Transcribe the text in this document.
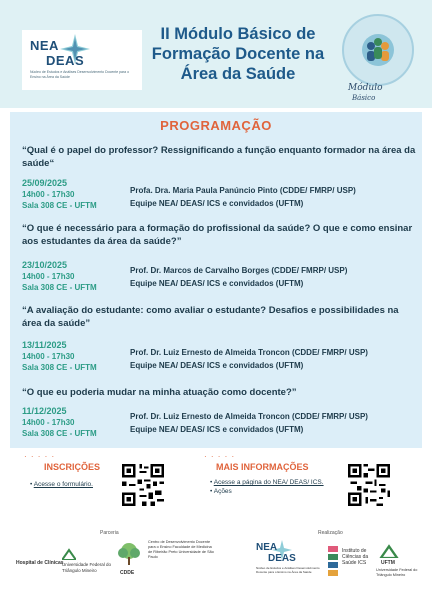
NEA
DEAS
Núcleo de Estudos e Análises Desenvolvimento Docente para o Ensino na Área da Saúde
II Módulo Básico de Formação Docente na Área da Saúde
Módulo
Básico
PROGRAMAÇÃO
“Qual é o papel do professor? Ressignificando a função enquanto formador na área da saúde“
25/09/2025
14h00 - 17h30
Sala 308 CE - UFTM
Profa. Dra. Maria Paula Panúncio Pinto (CDDE/ FMRP/ USP)
Equipe NEA/ DEAS/ ICS e convidados (UFTM)
“O que é necessário para a formação do profissional da saúde? O que e como ensinar aos estudantes da área da saúde?”
23/10/2025
14h00 - 17h30
Sala 308 CE - UFTM
Prof. Dr. Marcos de Carvalho Borges (CDDE/ FMRP/ USP)
Equipe NEA/ DEAS/ ICS e convidados (UFTM)
“A avaliação do estudante: como avaliar o estudante? Desafios e possibilidades na área da saúde”
13/11/2025
14h00 - 17h30
Sala 308 CE - UFTM
Prof. Dr. Luiz Ernesto de Almeida Troncon (CDDE/ FMRP/ USP)
Equipe NEA/ DEAS/ ICS e convidados (UFTM)
“O que eu poderia mudar na minha atuação como docente?”
11/12/2025
14h00 - 17h30
Sala 308 CE - UFTM
Prof. Dr. Luiz Ernesto de Almeida Troncon (CDDE/ FMRP/ USP)
Equipe NEA/ DEAS/ ICS e convidados (UFTM)
· · · · ·
INSCRIÇÕES
• Acesse o formulário.
· · · · ·
MAIS INFORMAÇÕES
• Acesse a página do NEA/ DEAS/ ICS.
• Ações
Parceria	Realização
Hospital de Clínicas
Universidade Federal do Triângulo Mineiro	CDDE
Centro de Desenvolvimento Docente para o Ensino Faculdade de Medicina de Ribeirão Preto Universidade de São Paulo
NEA
DEAS
Núcleo de Estudos e Análises Desenvolvimento Docente para o Ensino na Área da Saúde
Instituto de Ciências da Saúde ICS	UFTM
Universidade Federal do Triângulo Mineiro
